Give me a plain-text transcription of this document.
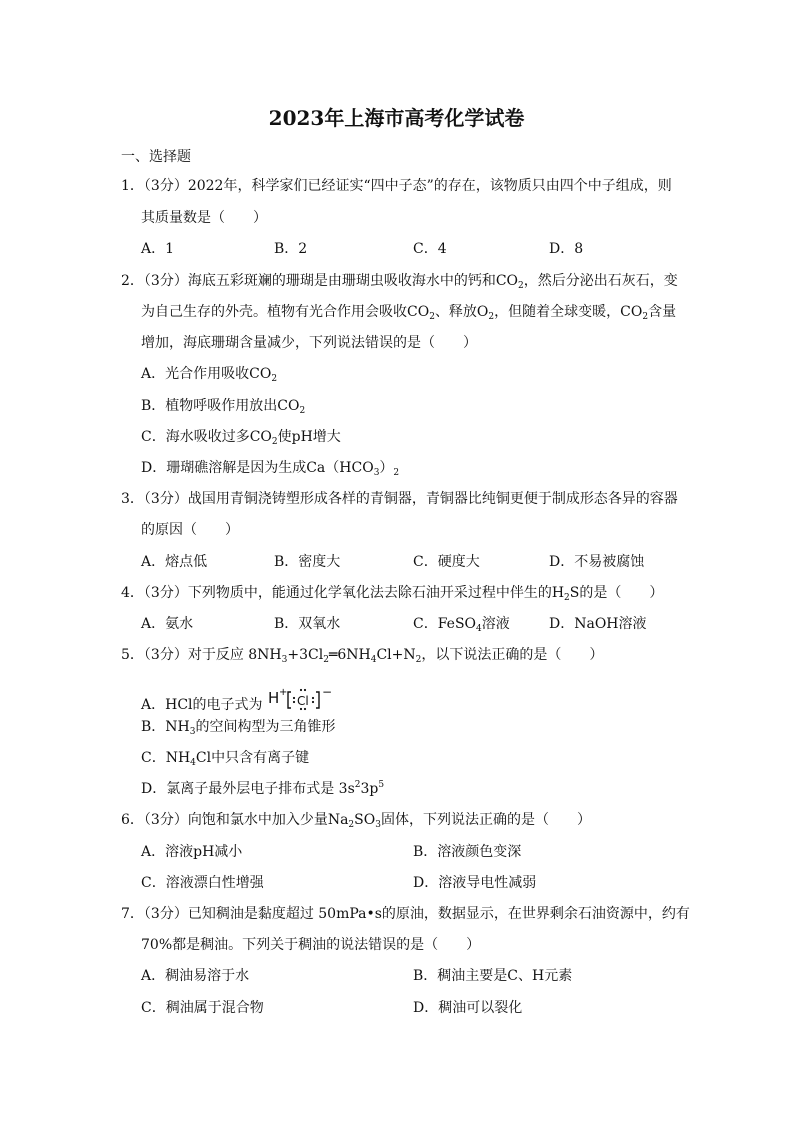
2023年上海市高考化学试卷
一、选择题
1．（3分）2022年，科学家们已经证实“四中子态”的存在，该物质只由四个中子组成，则
其质量数是（　　）
A．1	B．2	C．4	D．8
2．（3分）海底五彩斑斓的珊瑚是由珊瑚虫吸收海水中的钙和$CO_2$，然后分泌出石灰石，变
为自己生存的外壳。植物有光合作用会吸收$CO_2$、释放$O_2$，但随着全球变暖，$CO_2$含量
增加，海底珊瑚含量减少，下列说法错误的是（　　）
A．光合作用吸收$CO_2$
B．植物呼吸作用放出$CO_2$
C．海水吸收过多$CO_2$使pH增大
D．珊瑚礁溶解是因为生成$Ca(HCO_3)_2$
3．（3分）战国用青铜浇铸塑形成各样的青铜器，青铜器比纯铜更便于制成形态各异的容器
的原因（　　）
A．熔点低	B．密度大	C．硬度大	D．不易被腐蚀
4．（3分）下列物质中，能通过化学氧化法去除石油开采过程中伴生的$H_2S$的是（　　）
A．氨水	B．双氧水	C．FeSO$_4$溶液	D．NaOH溶液
5．（3分）对于反应 $8NH_3+3Cl_2═6NH_4Cl+N_2$，以下说法正确的是（　　）
A．HCl的电子式为 H +
Cl
−
B．$NH_3$的空间构型为三角锥形
C．$NH_4Cl$中只含有离子键
D．氯离子最外层电子排布式是 $3s^23p^5$
6．（3分）向饱和氯水中加入少量$Na_2SO_3$固体，下列说法正确的是（　　）
A．溶液pH减小	B．溶液颜色变深
C．溶液漂白性增强	D．溶液导电性减弱
7．（3分）已知稠油是黏度超过 50mPa•s的原油，数据显示，在世界剩余石油资源中，约有
70%都是稠油。下列关于稠油的说法错误的是（　　）
A．稠油易溶于水	B．稠油主要是C、H元素
C．稠油属于混合物	D．稠油可以裂化
